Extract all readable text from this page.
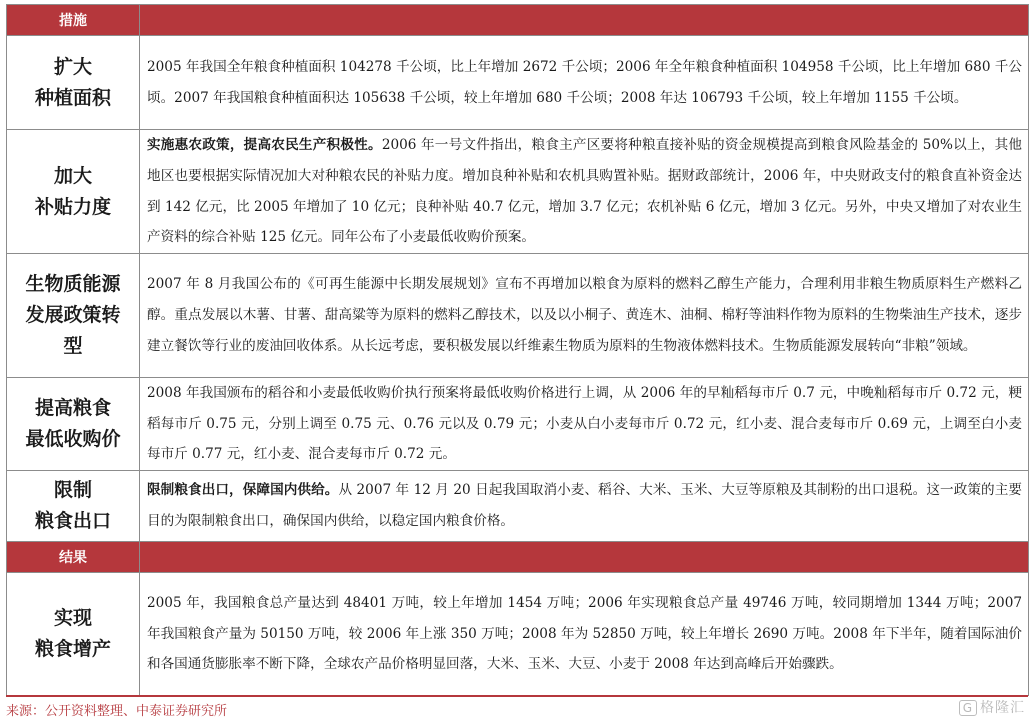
措施	
扩大
种植面积	2005 年我国全年粮食种植面积 104278 千公顷，比上年增加 2672 千公顷；2006 年全年粮食种植面积 104958 千公顷，比上年增加 680 千公顷。2007 年我国粮食种植面积达 105638 千公顷，较上年增加 680 千公顷；2008 年达 106793 千公顷，较上年增加 1155 千公顷。
加大
补贴力度	实施惠农政策，提高农民生产积极性。2006 年一号文件指出，粮食主产区要将种粮直接补贴的资金规模提高到粮食风险基金的 50%以上，其他地区也要根据实际情况加大对种粮农民的补贴力度。增加良种补贴和农机具购置补贴。据财政部统计，2006 年，中央财政支付的粮食直补资金达到 142 亿元，比 2005 年增加了 10 亿元；良种补贴 40.7 亿元，增加 3.7 亿元；农机补贴 6 亿元，增加 3 亿元。另外，中央又增加了对农业生产资料的综合补贴 125 亿元。同年公布了小麦最低收购价预案。
生物质能源
发展政策转
型	2007 年 8 月我国公布的《可再生能源中长期发展规划》宣布不再增加以粮食为原料的燃料乙醇生产能力，合理利用非粮生物质原料生产燃料乙醇。重点发展以木薯、甘薯、甜高粱等为原料的燃料乙醇技术，以及以小桐子、黄连木、油桐、棉籽等油料作物为原料的生物柴油生产技术，逐步建立餐饮等行业的废油回收体系。从长远考虑，要积极发展以纤维素生物质为原料的生物液体燃料技术。生物质能源发展转向“非粮”领域。
提高粮食
最低收购价	2008 年我国颁布的稻谷和小麦最低收购价执行预案将最低收购价格进行上调，从 2006 年的早籼稻每市斤 0.7 元，中晚籼稻每市斤 0.72 元，粳稻每市斤 0.75 元，分别上调至 0.75 元、0.76 元以及 0.79 元；小麦从白小麦每市斤 0.72 元，红小麦、混合麦每市斤 0.69 元，上调至白小麦每市斤 0.77 元，红小麦、混合麦每市斤 0.72 元。
限制
粮食出口	限制粮食出口，保障国内供给。从 2007 年 12 月 20 日起我国取消小麦、稻谷、大米、玉米、大豆等原粮及其制粉的出口退税。这一政策的主要目的为限制粮食出口，确保国内供给，以稳定国内粮食价格。
结果	
实现
粮食增产	2005 年，我国粮食总产量达到 48401 万吨，较上年增加 1454 万吨；2006 年实现粮食总产量 49746 万吨，较同期增加 1344 万吨；2007 年我国粮食产量为 50150 万吨，较 2006 年上涨 350 万吨；2008 年为 52850 万吨，较上年增长 2690 万吨。2008 年下半年，随着国际油价和各国通货膨胀率不断下降，全球农产品价格明显回落，大米、玉米、大豆、小麦于 2008 年达到高峰后开始骤跌。
来源：公开资料整理、中泰证券研究所	G 格隆汇
